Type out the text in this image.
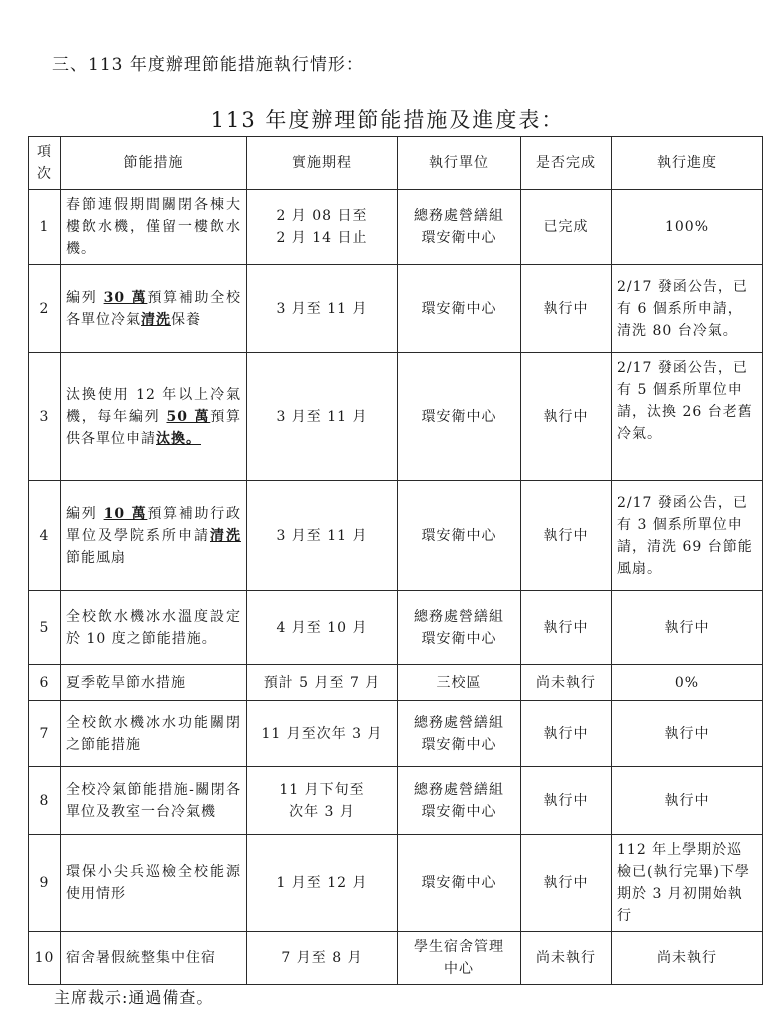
三、113 年度辦理節能措施執行情形：
113 年度辦理節能措施及進度表：
項
次	節能措施	實施期程	執行單位	是否完成	執行進度
1	春節連假期間關閉各棟大樓飲水機，僅留一樓飲水機。	2 月 08 日至
2 月 14 日止	總務處營繕組
環安衛中心	已完成	100%
2	編列 30 萬預算補助全校各單位冷氣清洗保養	3 月至 11 月	環安衛中心	執行中	2/17 發函公告，已有 6 個系所申請，清洗 80 台冷氣。
3	汰換使用 12 年以上冷氣機，每年編列 50 萬預算供各單位申請汰換。	3 月至 11 月	環安衛中心	執行中	2/17 發函公告，已有 5 個系所單位申請，汰換 26 台老舊冷氣。
4	編列 10 萬預算補助行政單位及學院系所申請清洗節能風扇	3 月至 11 月	環安衛中心	執行中	2/17 發函公告，已有 3 個系所單位申請，清洗 69 台節能風扇。
5	全校飲水機冰水溫度設定於 10 度之節能措施。	4 月至 10 月	總務處營繕組
環安衛中心	執行中	執行中
6	夏季乾旱節水措施	預計 5 月至 7 月	三校區	尚未執行	0%
7	全校飲水機冰水功能關閉之節能措施	11 月至次年 3 月	總務處營繕組
環安衛中心	執行中	執行中
8	全校冷氣節能措施-關閉各單位及教室一台冷氣機	11 月下旬至
次年 3 月	總務處營繕組
環安衛中心	執行中	執行中
9	環保小尖兵巡檢全校能源使用情形	1 月至 12 月	環安衛中心	執行中	112 年上學期於巡檢已(執行完畢)下學期於 3 月初開始執行
10	宿舍暑假統整集中住宿	7 月至 8 月	學生宿舍管理
中心	尚未執行	尚未執行
主席裁示:通過備查。
